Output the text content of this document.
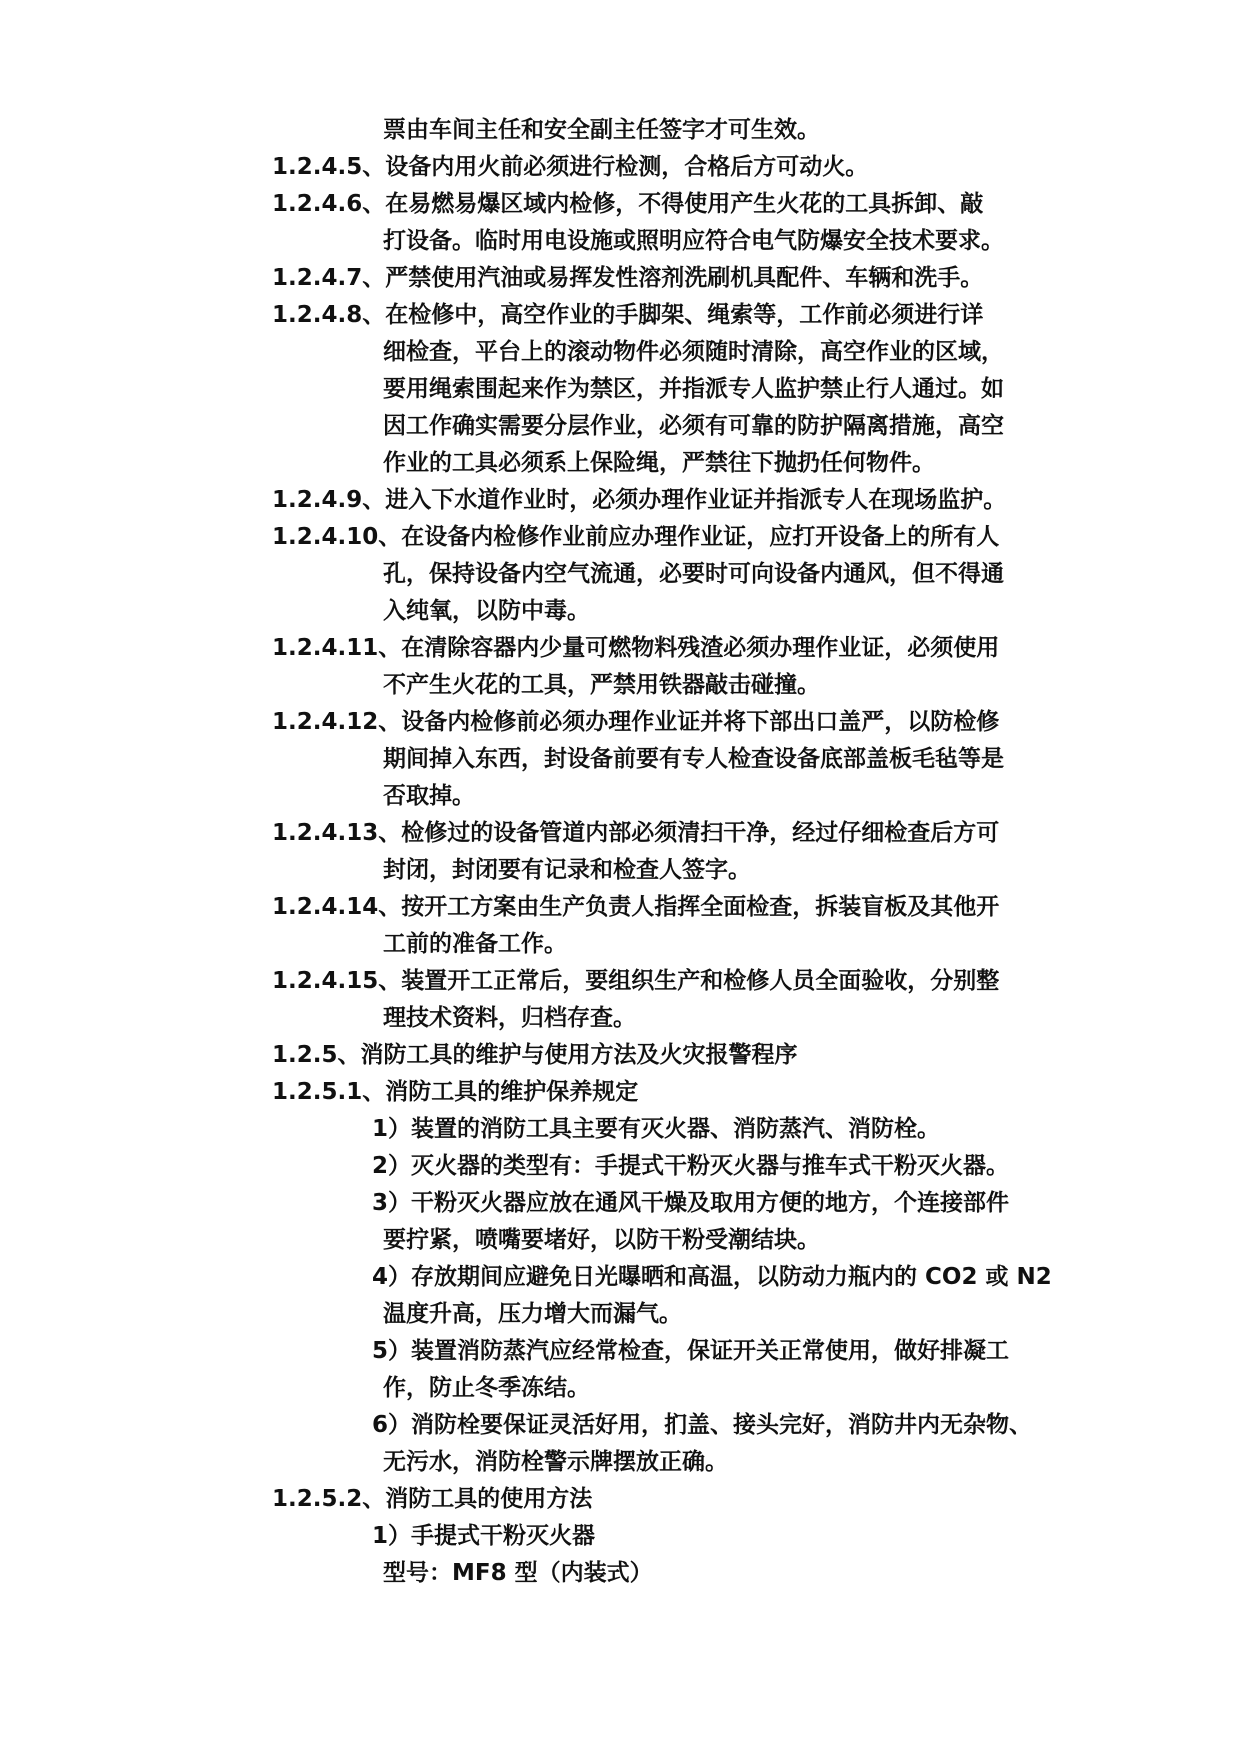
票由车间主任和安全副主任签字才可生效。
1.2.4.5、设备内用火前必须进行检测，合格后方可动火。
1.2.4.6、在易燃易爆区域内检修，不得使用产生火花的工具拆卸、敲
打设备。临时用电设施或照明应符合电气防爆安全技术要求。
1.2.4.7、严禁使用汽油或易挥发性溶剂洗刷机具配件、车辆和洗手。
1.2.4.8、在检修中，高空作业的手脚架、绳索等，工作前必须进行详
细检查，平台上的滚动物件必须随时清除，高空作业的区域，
要用绳索围起来作为禁区，并指派专人监护禁止行人通过。如
因工作确实需要分层作业，必须有可靠的防护隔离措施，高空
作业的工具必须系上保险绳，严禁往下抛扔任何物件。
1.2.4.9、进入下水道作业时，必须办理作业证并指派专人在现场监护。
1.2.4.10、在设备内检修作业前应办理作业证，应打开设备上的所有人
孔，保持设备内空气流通，必要时可向设备内通风，但不得通
入纯氧，以防中毒。
1.2.4.11、在清除容器内少量可燃物料残渣必须办理作业证，必须使用
不产生火花的工具，严禁用铁器敲击碰撞。
1.2.4.12、设备内检修前必须办理作业证并将下部出口盖严，以防检修
期间掉入东西，封设备前要有专人检查设备底部盖板毛毡等是
否取掉。
1.2.4.13、检修过的设备管道内部必须清扫干净，经过仔细检查后方可
封闭，封闭要有记录和检查人签字。
1.2.4.14、按开工方案由生产负责人指挥全面检查，拆装盲板及其他开
工前的准备工作。
1.2.4.15、装置开工正常后，要组织生产和检修人员全面验收，分别整
理技术资料，归档存查。
1.2.5、消防工具的维护与使用方法及火灾报警程序
1.2.5.1、消防工具的维护保养规定
1）装置的消防工具主要有灭火器、消防蒸汽、消防栓。
2）灭火器的类型有：手提式干粉灭火器与推车式干粉灭火器。
3）干粉灭火器应放在通风干燥及取用方便的地方，个连接部件
要拧紧，喷嘴要堵好，以防干粉受潮结块。
4）存放期间应避免日光曝晒和高温，以防动力瓶内的 CO2 或 N2
温度升高，压力增大而漏气。
5）装置消防蒸汽应经常检查，保证开关正常使用，做好排凝工
作，防止冬季冻结。
6）消防栓要保证灵活好用，扪盖、接头完好，消防井内无杂物、
无污水，消防栓警示牌摆放正确。
1.2.5.2、消防工具的使用方法
1）手提式干粉灭火器
型号：MF8 型（内装式）
